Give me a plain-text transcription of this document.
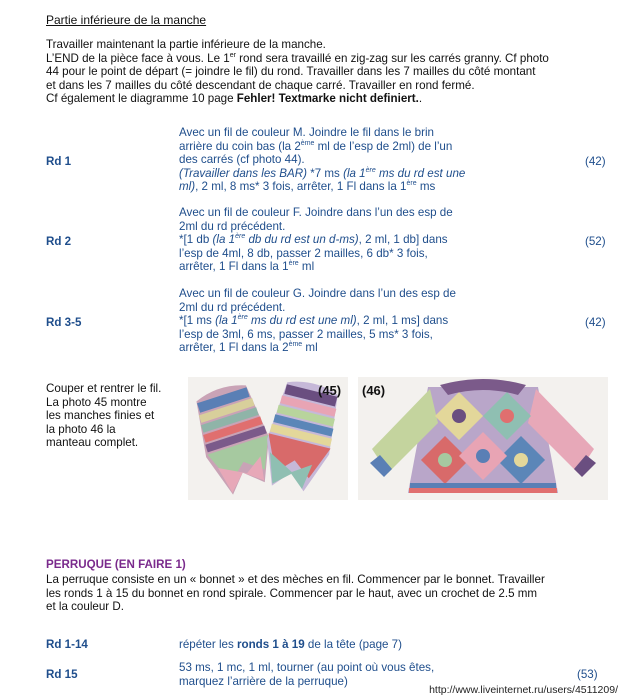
Partie inférieure de la manche
Travailler maintenant la partie inférieure de la manche.
L’END de la pièce face à vous. Le 1er rond sera travaillé en zig-zag sur les carrés granny. Cf photo
44 pour le point de départ (= joindre le fil) du rond. Travailler dans les 7 mailles du côté montant
et dans les 7 mailles du côté descendant de chaque carré. Travailler en rond fermé.
Cf également le diagramme 10 page Fehler! Textmarke nicht definiert..
Rd 1
Avec un fil de couleur M. Joindre le fil dans le brin
arrière du coin bas (la 2ème ml de l’esp de 2ml) de l’un
des carrés (cf photo 44).
(Travailler dans les BAR) *7 ms (la 1ère ms du rd est une
ml), 2 ml, 8 ms* 3 fois, arrêter, 1 Fl dans la 1ère ms
(42)
Rd 2
Avec un fil de couleur F. Joindre dans l’un des esp de
2ml du rd précédent.
*[1 db (la 1ère db du rd est un d-ms), 2 ml, 1 db] dans
l’esp de 4ml, 8 db, passer 2 mailles, 6 db* 3 fois,
arrêter, 1 Fl dans la 1ère ml
(52)
Rd 3-5
Avec un fil de couleur G. Joindre dans l’un des esp de
2ml du rd précédent.
*[1 ms (la 1ère ms du rd est une ml), 2 ml, 1 ms] dans
l’esp de 3ml, 6 ms, passer 2 mailles, 5 ms* 3 fois,
arrêter, 1 Fl dans la 2ème ml
(42)
Couper et rentrer le fil.
La photo 45 montre
les manches finies et
la photo 46 la
manteau complet.
(45) (46)
PERRUQUE (EN FAIRE 1)
La perruque consiste en un « bonnet » et des mèches en fil. Commencer par le bonnet. Travailler
les ronds 1 à 15 du bonnet en rond spirale. Commencer par le haut, avec un crochet de 2.5 mm
et la couleur D.
Rd 1-14	répéter les ronds 1 à 19 de la tête (page 7)
Rd 15
53 ms, 1 mc, 1 ml, tourner (au point où vous êtes,
marquez l’arrière de la perruque)
(53)
http://www.liveinternet.ru/users/4511209/
